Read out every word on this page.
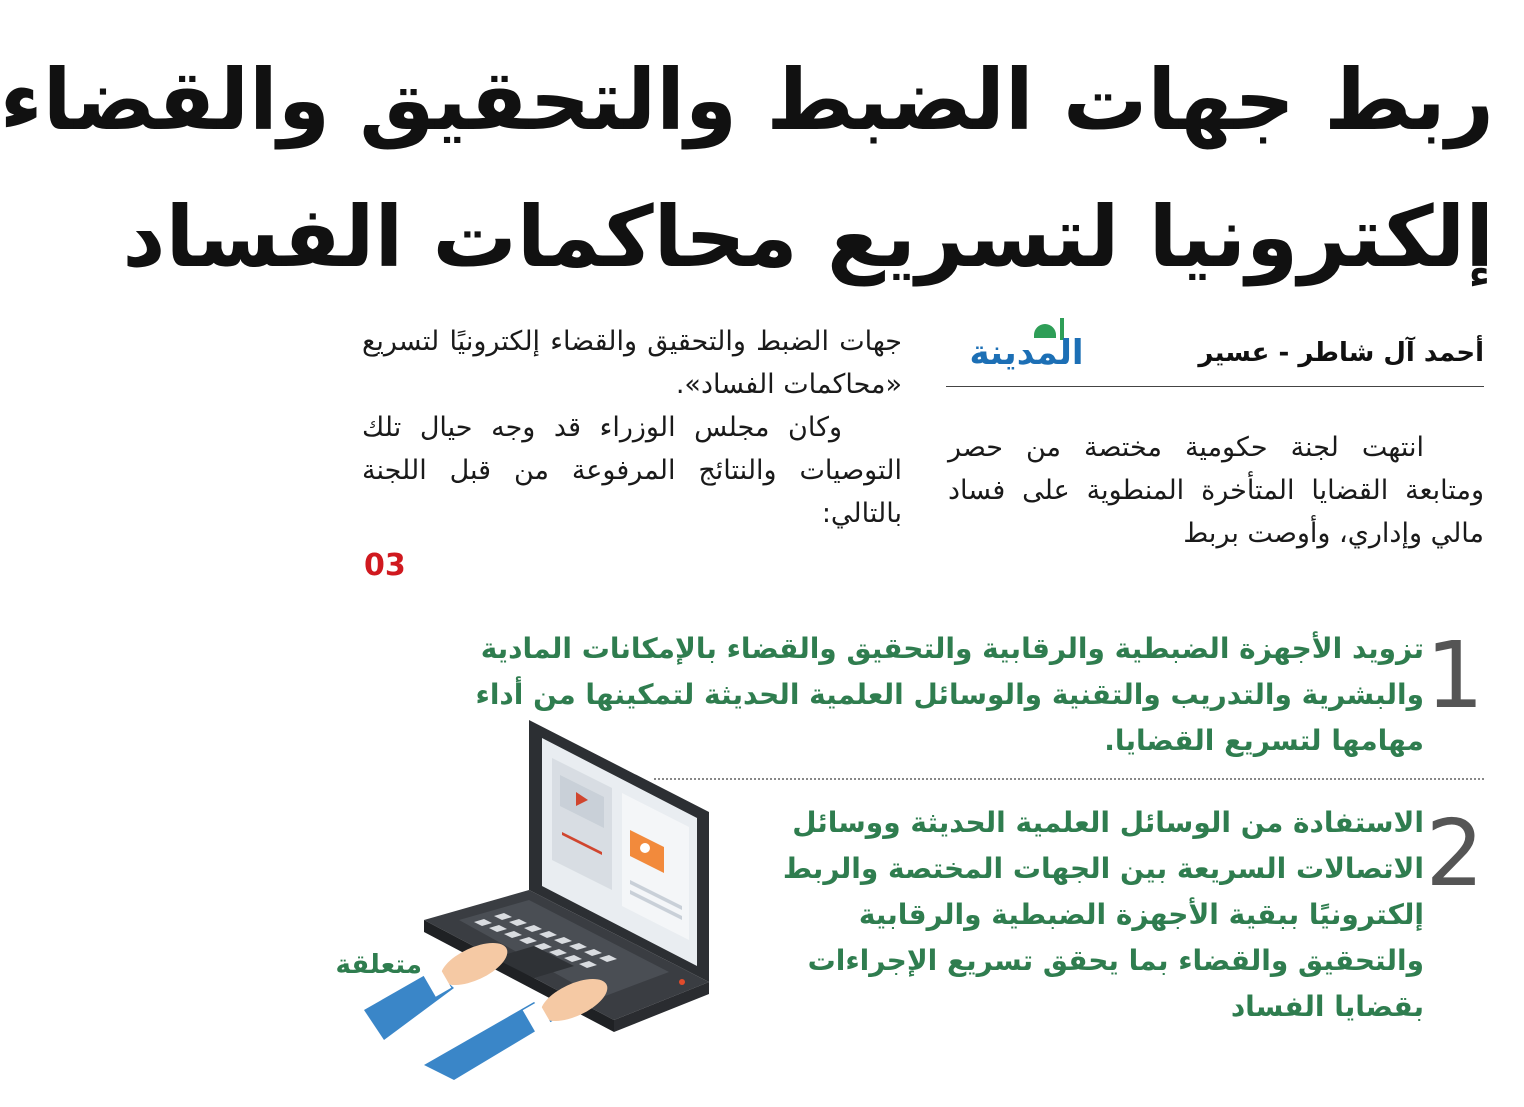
ربط جهات الضبط والتحقيق والقضاء
إلكترونيا لتسريع محاكمات الفساد
أحمد آل شاطر - عسير
المدينة

انتهت لجنة حكومية مختصة من حصر ومتابعة القضايا المتأخرة المنطوية على فساد مالي وإداري، وأوصت بربط

جهات الضبط والتحقيق والقضاء إلكترونيًا لتسريع «محاكمات الفساد».

وكان مجلس الوزراء قد وجه حيال تلك التوصيات والنتائج المرفوعة من قبل اللجنة بالتالي:

03
1
تزويد الأجهزة الضبطية والرقابية والتحقيق والقضاء بالإمكانات المادية والبشرية والتدريب والتقنية والوسائل العلمية الحديثة لتمكينها من أداء مهامها لتسريع القضايا.
2
الاستفادة من الوسائل العلمية الحديثة ووسائل الاتصالات السريعة بين الجهات المختصة والربط إلكترونيًا ببقية الأجهزة الضبطية والرقابية والتحقيق والقضاء بما يحقق تسريع الإجراءات بقضايا الفساد
متعلقة
